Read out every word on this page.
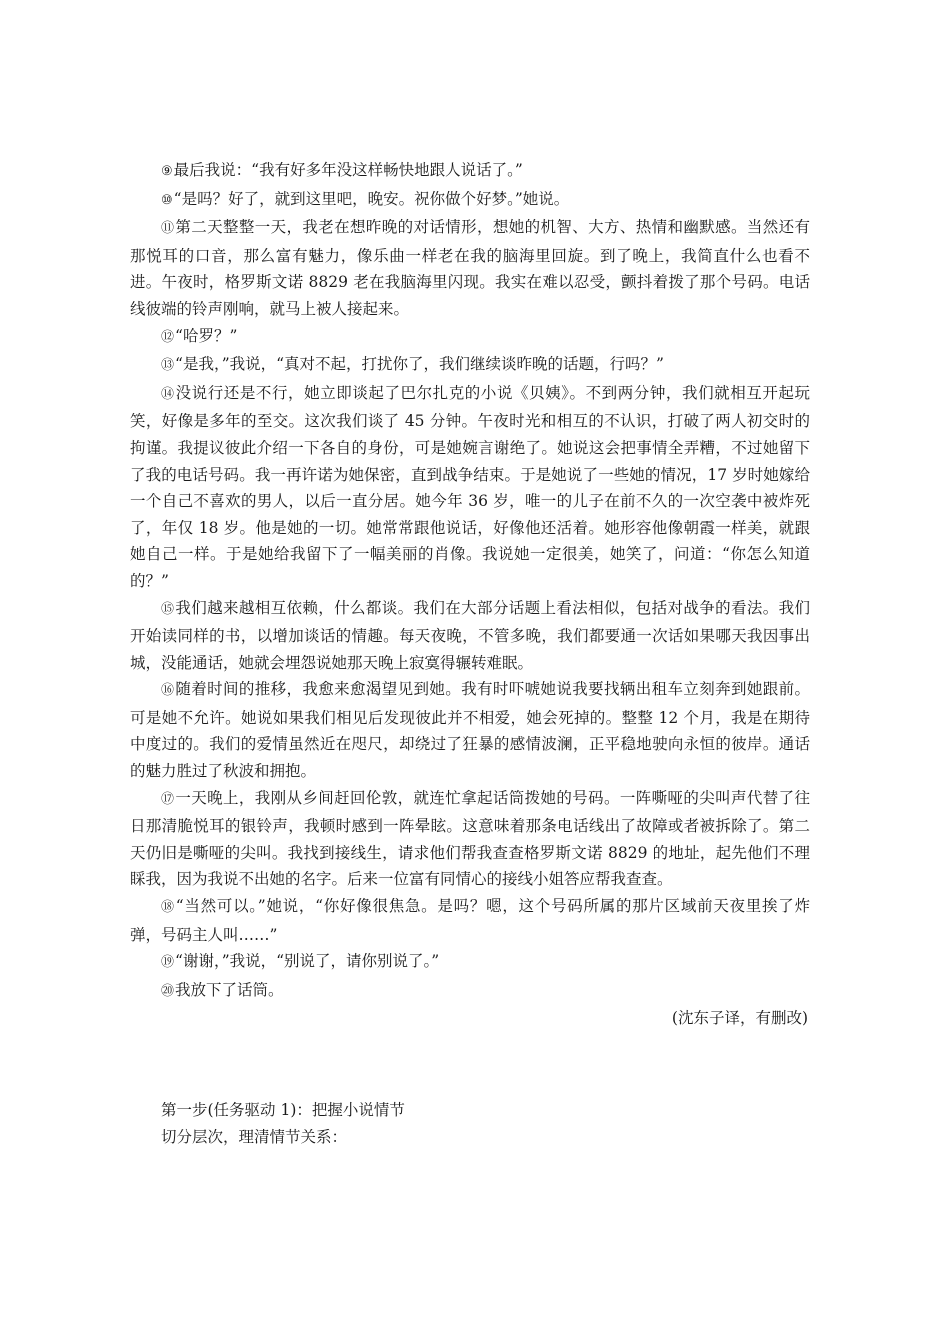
⑨最后我说：“我有好多年没这样畅快地跟人说话了。”

⑩“是吗？好了，就到这里吧，晚安。祝你做个好梦。”她说。

⑪第二天整整一天，我老在想昨晚的对话情形，想她的机智、大方、热情和幽默感。当然还有那悦耳的口音，那么富有魅力，像乐曲一样老在我的脑海里回旋。到了晚上，我简直什么也看不进。午夜时，格罗斯文诺 8829 老在我脑海里闪现。我实在难以忍受，颤抖着拨了那个号码。电话线彼端的铃声刚响，就马上被人接起来。

⑫“哈罗？”

⑬“是我，”我说，“真对不起，打扰你了，我们继续谈昨晚的话题，行吗？”

⑭没说行还是不行，她立即谈起了巴尔扎克的小说《贝姨》。不到两分钟，我们就相互开起玩笑，好像是多年的至交。这次我们谈了 45 分钟。午夜时光和相互的不认识，打破了两人初交时的拘谨。我提议彼此介绍一下各自的身份，可是她婉言谢绝了。她说这会把事情全弄糟，不过她留下了我的电话号码。我一再许诺为她保密，直到战争结束。于是她说了一些她的情况，17 岁时她嫁给一个自己不喜欢的男人，以后一直分居。她今年 36 岁，唯一的儿子在前不久的一次空袭中被炸死了，年仅 18 岁。他是她的一切。她常常跟他说话，好像他还活着。她形容他像朝霞一样美，就跟她自己一样。于是她给我留下了一幅美丽的肖像。我说她一定很美，她笑了，问道：“你怎么知道的？”

⑮我们越来越相互依赖，什么都谈。我们在大部分话题上看法相似，包括对战争的看法。我们开始读同样的书，以增加谈话的情趣。每天夜晚，不管多晚，我们都要通一次话如果哪天我因事出城，没能通话，她就会埋怨说她那天晚上寂寞得辗转难眠。

⑯随着时间的推移，我愈来愈渴望见到她。我有时吓唬她说我要找辆出租车立刻奔到她跟前。可是她不允许。她说如果我们相见后发现彼此并不相爱，她会死掉的。整整 12 个月，我是在期待中度过的。我们的爱情虽然近在咫尺，却绕过了狂暴的感情波澜，正平稳地驶向永恒的彼岸。通话的魅力胜过了秋波和拥抱。

⑰一天晚上，我刚从乡间赶回伦敦，就连忙拿起话筒拨她的号码。一阵嘶哑的尖叫声代替了往日那清脆悦耳的银铃声，我顿时感到一阵晕眩。这意味着那条电话线出了故障或者被拆除了。第二天仍旧是嘶哑的尖叫。我找到接线生，请求他们帮我查查格罗斯文诺 8829 的地址，起先他们不理睬我，因为我说不出她的名字。后来一位富有同情心的接线小姐答应帮我查查。

⑱“当然可以。”她说，“你好像很焦急。是吗？嗯，这个号码所属的那片区域前天夜里挨了炸弹，号码主人叫……”

⑲“谢谢，”我说，“别说了，请你别说了。”

⑳我放下了话筒。

(沈东子译，有删改)

第一步(任务驱动 1)：把握小说情节

切分层次，理清情节关系：
